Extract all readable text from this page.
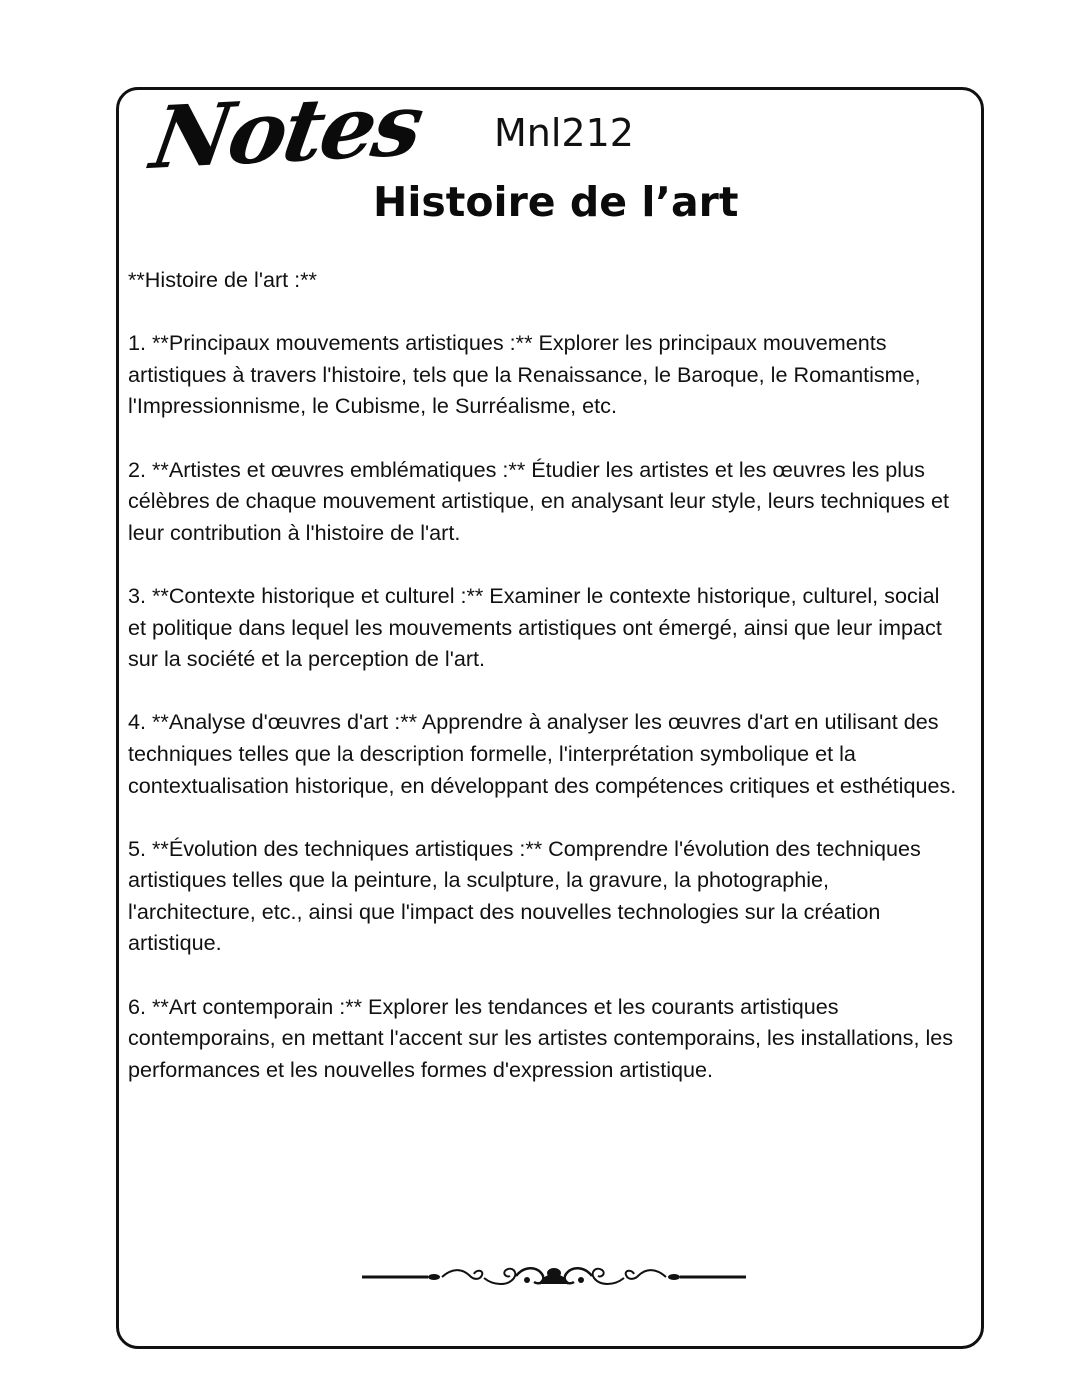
Notes Mnl212
Histoire de l’art

**Histoire de l'art :**

1. **Principaux mouvements artistiques :** Explorer les principaux mouvements artistiques à travers l'histoire, tels que la Renaissance, le Baroque, le Romantisme, l'Impressionnisme, le Cubisme, le Surréalisme, etc.

2. **Artistes et œuvres emblématiques :** Étudier les artistes et les œuvres les plus célèbres de chaque mouvement artistique, en analysant leur style, leurs techniques et leur contribution à l'histoire de l'art.

3. **Contexte historique et culturel :** Examiner le contexte historique, culturel, social et politique dans lequel les mouvements artistiques ont émergé, ainsi que leur impact sur la société et la perception de l'art.

4. **Analyse d'œuvres d'art :** Apprendre à analyser les œuvres d'art en utilisant des techniques telles que la description formelle, l'interprétation symbolique et la contextualisation historique, en développant des compétences critiques et esthétiques.

5. **Évolution des techniques artistiques :** Comprendre l'évolution des techniques artistiques telles que la peinture, la sculpture, la gravure, la photographie, l'architecture, etc., ainsi que l'impact des nouvelles technologies sur la création artistique.

6. **Art contemporain :** Explorer les tendances et les courants artistiques contemporains, en mettant l'accent sur les artistes contemporains, les installations, les performances et les nouvelles formes d'expression artistique.
